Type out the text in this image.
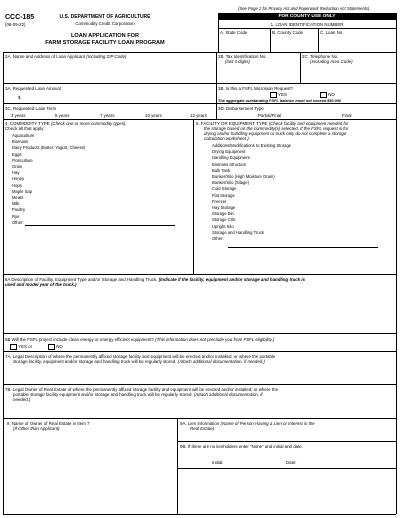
(See Page 2 for Privacy Act and Paperwork Reduction Act Statements)
CCC-185
(06-09-22)
U.S. DEPARTMENT OF AGRICULTURE
Commodity Credit Corporation
LOAN APPLICATION FOR
FARM STORAGE FACILITY LOAN PROGRAM
FOR COUNTY USE ONLY
1. LOAN IDENTIFICATION NUMBER
A. State Code	B. County Code	C. Loan No.
2A. Name and Address of Loan Applicant (Including ZIP Code)	2B. Tax Identification No.
(last 4 digits)
2C. Telephone No.
(Including Area Code)
3A. Requested Loan Amount
$
3B. Is this a FSFL Microloan Request?
YES	NO
The aggregate outstanding FSFL balance must not exceed $50,000
3C. Requested Loan Term
3 years	5 years	7 years	10 years	12 years
3D. Disbursement Type
Partial/Final	Final
4. COMMODITY TYPE (Check one or more commodity types).
Check all that apply:
Aquaculture
Biomass
Dairy Products (Butter, Yogurt, Cheese)
Eggs
Floriculture
Grain
Hay
Honey
Hops
Maple Sap
Meats
Milk
Poultry
Rye
Other:
5. FACILITY OR EQUIPMENT TYPE (Check facility and equipment needed for
the storage based on the commodity(s) selected. If the FSFL request is for
drying and/or handling equipment or truck only do not complete a storage
calculation worksheet.)
Additions/Modifications to Existing Storage
Drying Equipment
Handling Equipment
Biomass Structure
Bulk Tank
Bunker/Silo (High Moisture Grain)
Bunker/Silo (Silage)
Cold Storage
Flat Storage
Freezer
Hay Storage
Storage Bin
Storage Crib
Upright Silo
Storage and Handling Truck
Other:
6A Description of Facility, Equipment Type and/or Storage and Handling Truck. (Indicate if the facility, equipment and/or storage and handling truck is
used and model year of the truck.)
6B Will the FSFL project include clean energy or energy efficient equipment? (This information does not preclude you from FSFL eligibility.)
YES or	NO
7A. Legal Description of where the permanently affixed storage facility and equipment will be erected and/or installed; or where the portable
storage facility, equipment and/or storage and handling truck will be regularly stored. (Attach additional documentation, if needed.)
7B. Legal Owner of Real Estate of where the permanently affixed storage facility and equipment will be erected and/or installed; or where the
portable storage facility equipment and/or storage and handling truck will be regularly stored. (Attach additional documentation, if
needed.)
8. Name of Owner of Real Estate in Item 7
(If Other than Applicant)
9A. Lien Information (Name of Person Having a Lien or Interest in the
Real Estate)
9B. If there are no lienholders enter "None" and initial and date.
Initial:	Date:
